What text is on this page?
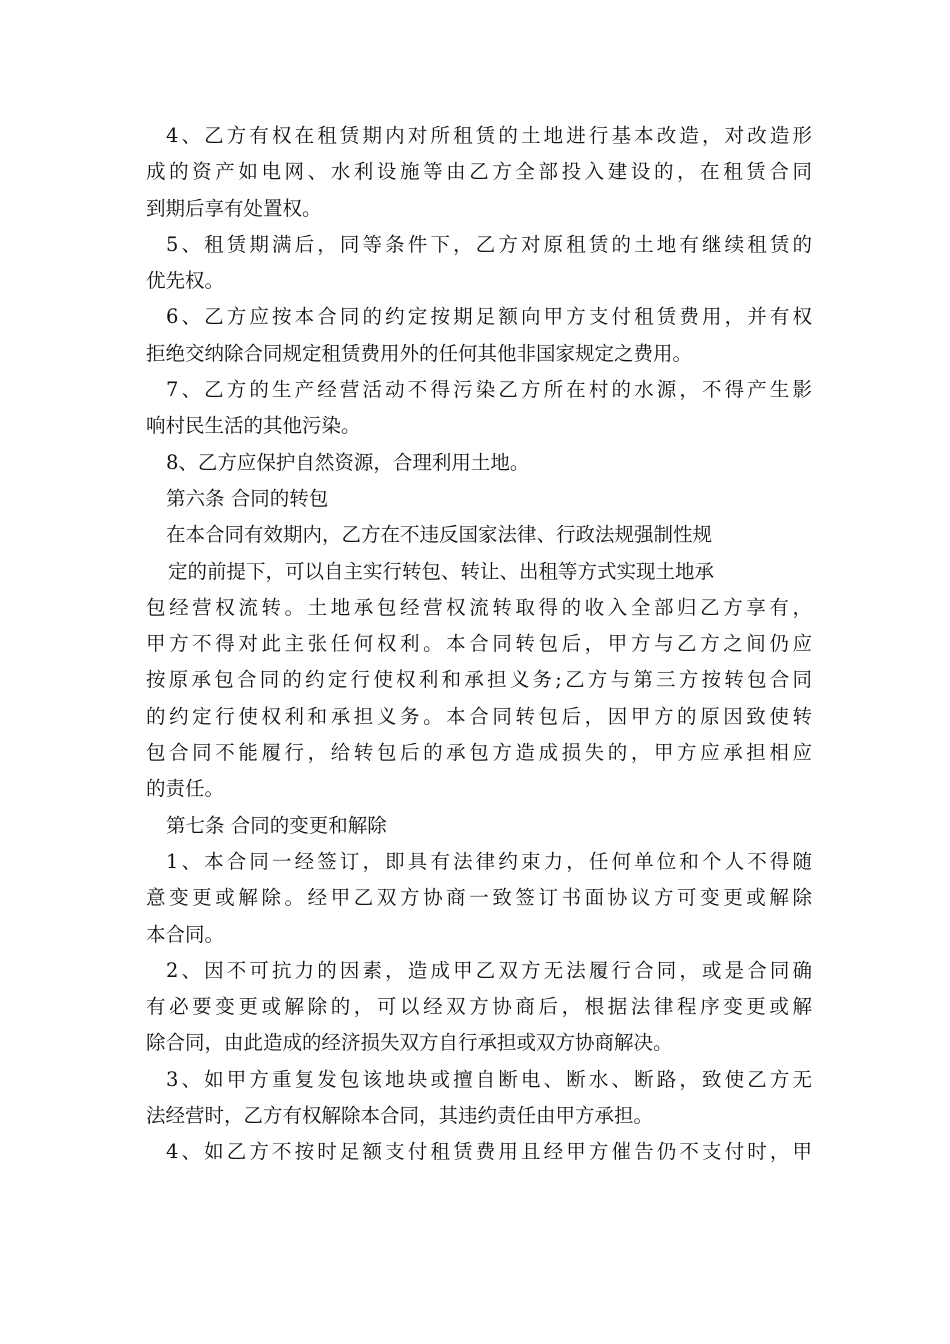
4、乙方有权在租赁期内对所租赁的土地进行基本改造，对改造形
成的资产如电网、水利设施等由乙方全部投入建设的，在租赁合同
到期后享有处置权。
5、租赁期满后，同等条件下，乙方对原租赁的土地有继续租赁的
优先权。
6、乙方应按本合同的约定按期足额向甲方支付租赁费用，并有权
拒绝交纳除合同规定租赁费用外的任何其他非国家规定之费用。
7、乙方的生产经营活动不得污染乙方所在村的水源，不得产生影
响村民生活的其他污染。
8、乙方应保护自然资源，合理利用土地。
第六条 合同的转包
在本合同有效期内，乙方在不违反国家法律、行政法规强制性规
定的前提下，可以自主实行转包、转让、出租等方式实现土地承
包经营权流转。土地承包经营权流转取得的收入全部归乙方享有，
甲方不得对此主张任何权利。本合同转包后，甲方与乙方之间仍应
按原承包合同的约定行使权利和承担义务;乙方与第三方按转包合同
的约定行使权利和承担义务。本合同转包后，因甲方的原因致使转
包合同不能履行，给转包后的承包方造成损失的，甲方应承担相应
的责任。
第七条 合同的变更和解除
1、本合同一经签订，即具有法律约束力，任何单位和个人不得随
意变更或解除。经甲乙双方协商一致签订书面协议方可变更或解除
本合同。
2、因不可抗力的因素，造成甲乙双方无法履行合同，或是合同确
有必要变更或解除的，可以经双方协商后，根据法律程序变更或解
除合同，由此造成的经济损失双方自行承担或双方协商解决。
3、如甲方重复发包该地块或擅自断电、断水、断路，致使乙方无
法经营时，乙方有权解除本合同，其违约责任由甲方承担。
4、如乙方不按时足额支付租赁费用且经甲方催告仍不支付时，甲
